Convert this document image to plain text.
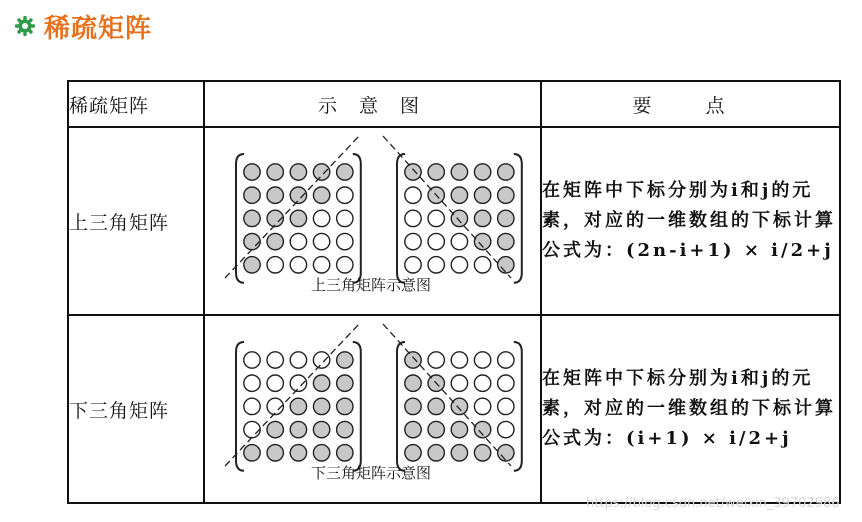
稀疏矩阵
稀疏矩阵	示 意 图	要 点
上三角矩阵	上三角矩阵示意图	在矩阵中下标分别为i和j的元素，对应的一维数组的下标计算公式为：(2n-i+1) × i/2+j
下三角矩阵	下三角矩阵示意图	在矩阵中下标分别为i和j的元素，对应的一维数组的下标计算公式为：(i+1) × i/2+j
https://blog.csdn.net/weixin_39702986
